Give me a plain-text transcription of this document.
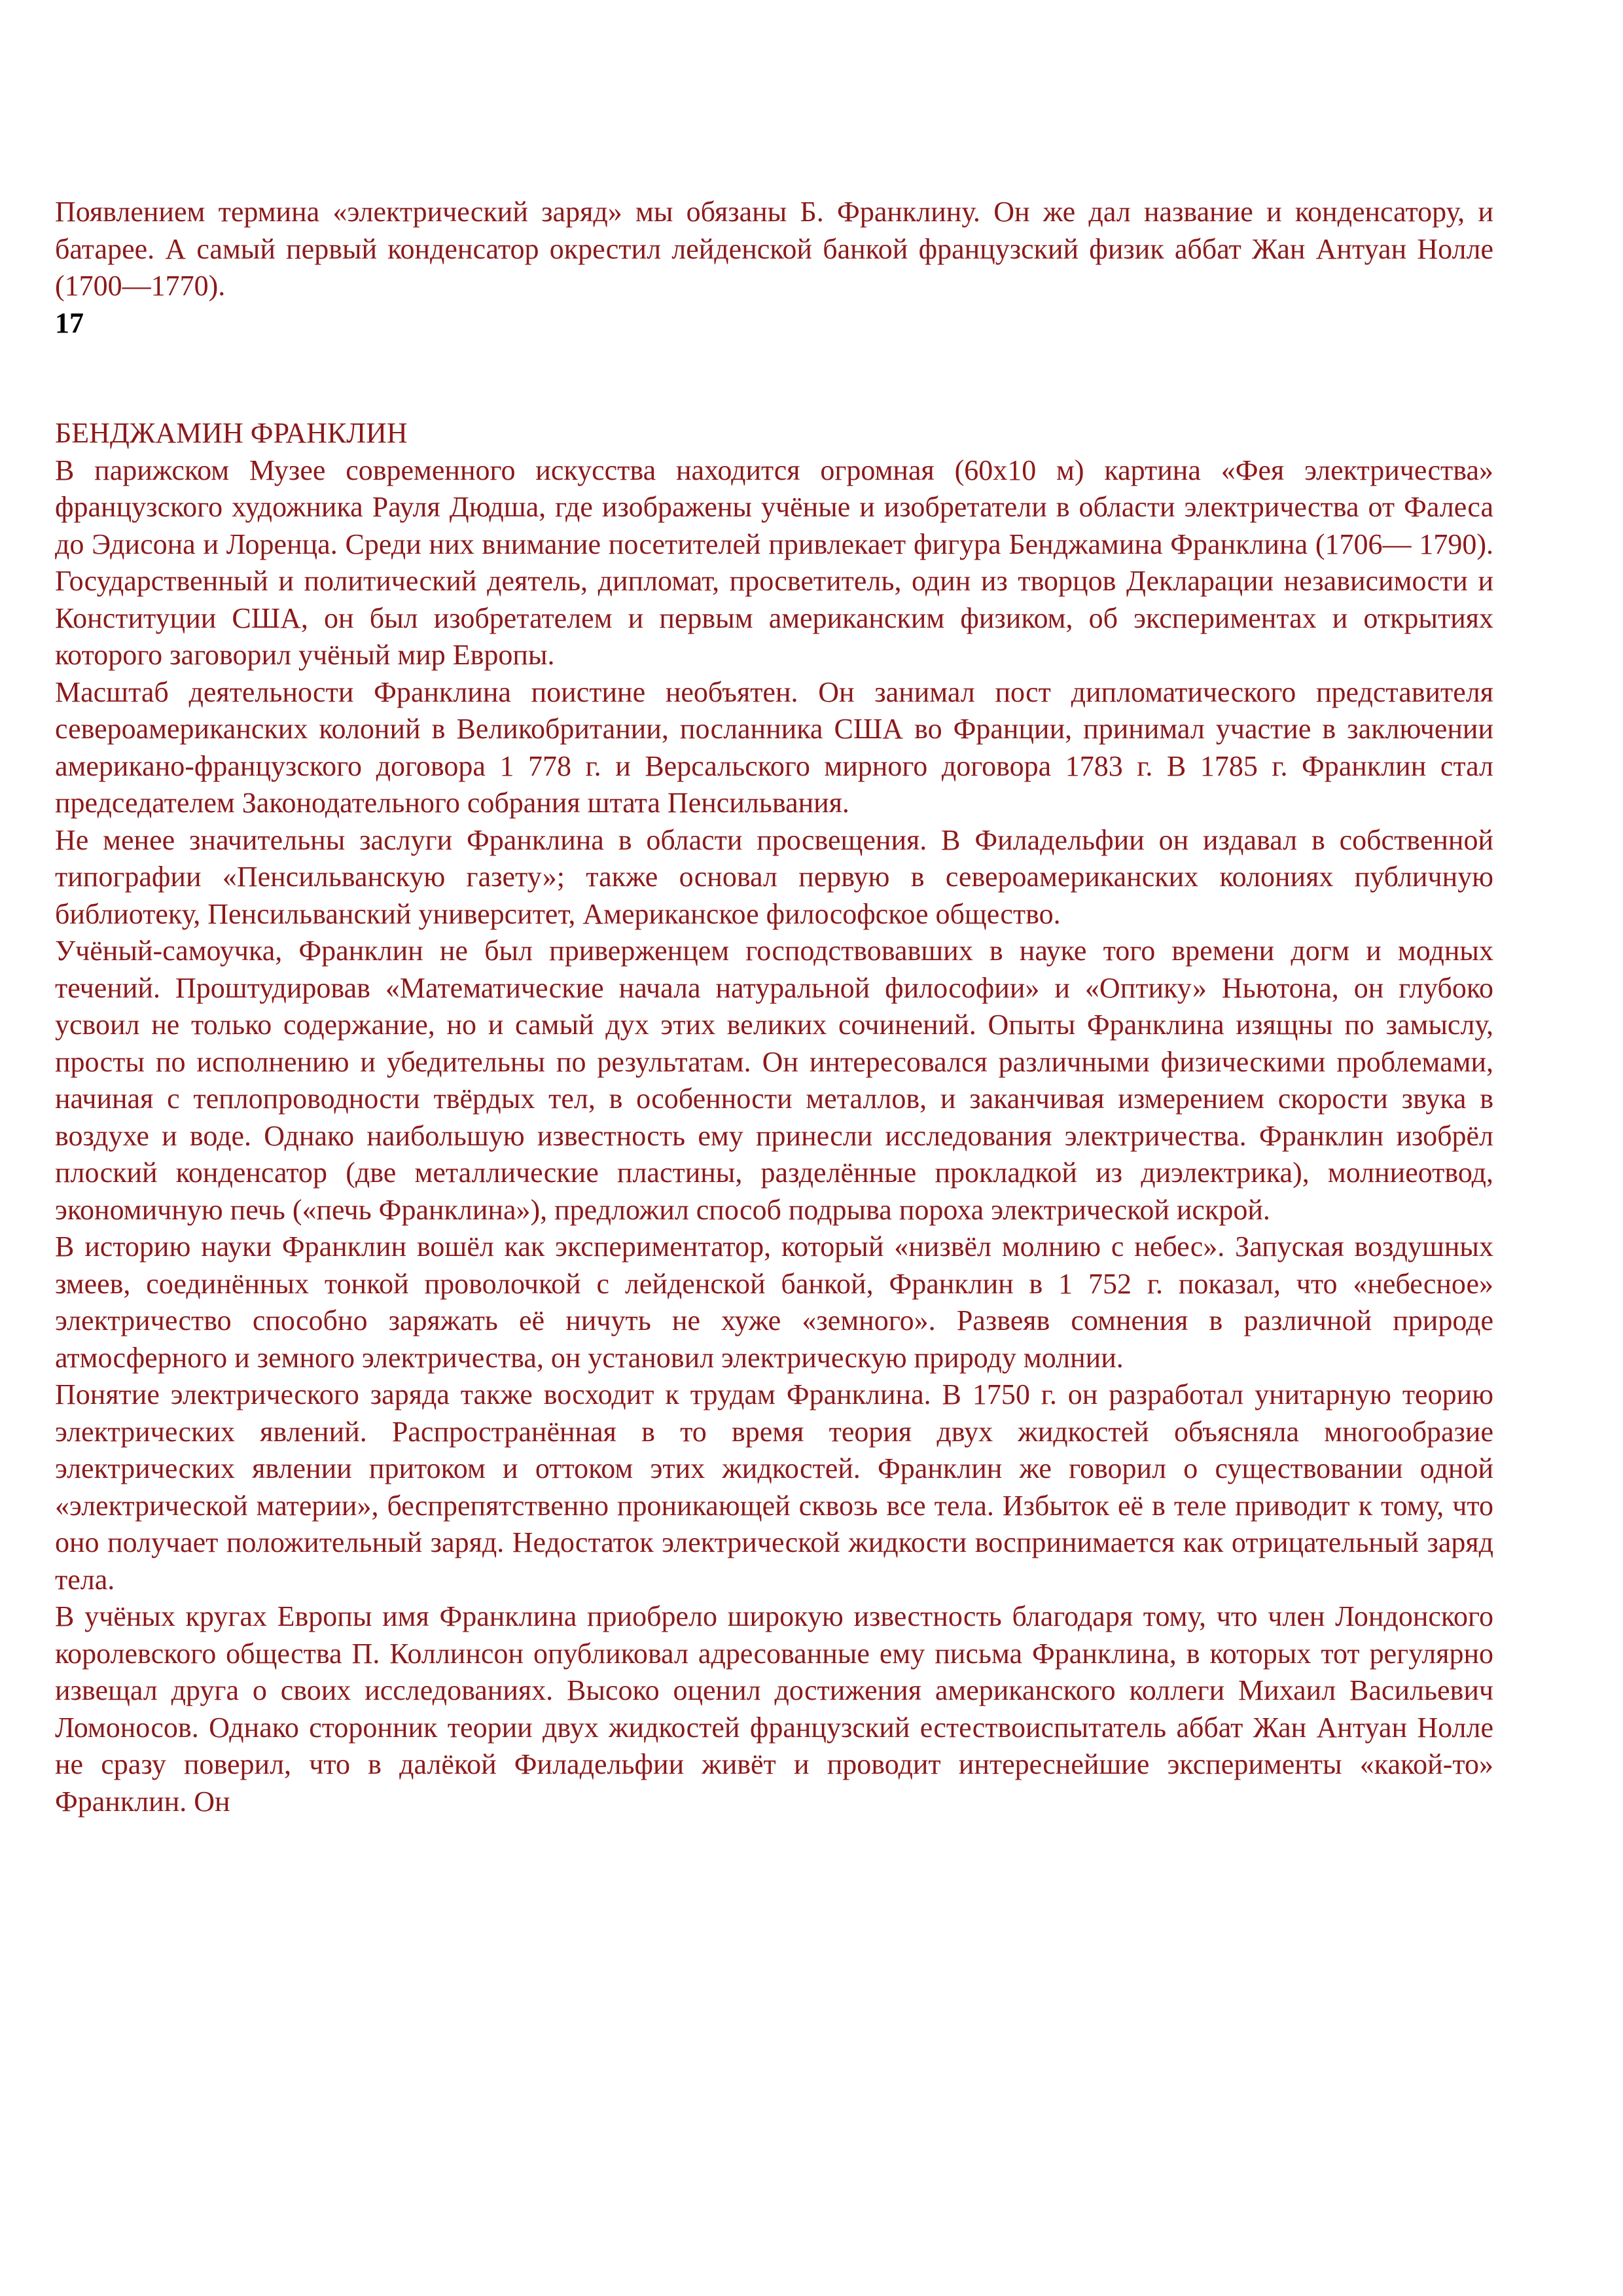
Появлением термина «электрический заряд» мы обязаны Б. Франклину. Он же дал название и конденсатору, и батарее. А самый первый конденсатор окрестил лейденской банкой французский физик аббат Жан Антуан Нолле (1700—1770).

17

БЕНДЖАМИН ФРАНКЛИН

В парижском Музее современного искусства находится огромная (60x10 м) картина «Фея электричества» французского художника Рауля Дюдша, где изображены учёные и изобретатели в области электричества от Фалеса до Эдисона и Лоренца. Среди них внимание посетителей привлекает фигура Бенджамина Франклина (1706— 1790). Государственный и политический деятель, дипломат, просветитель, один из творцов Декларации независимости и Конституции США, он был изобретателем и первым американским физиком, об экспериментах и открытиях которого заговорил учёный мир Европы.

Масштаб деятельности Франклина поистине необъятен. Он занимал пост дипломатического представителя североамериканских колоний в Великобритании, посланника США во Франции, принимал участие в заключении американо-французского договора 1 778 г. и Версальского мирного договора 1783 г. В 1785 г. Франклин стал председателем Законодательного собрания штата Пенсильвания.

Не менее значительны заслуги Франклина в области просвещения. В Филадельфии он издавал в собственной типографии «Пенсильванскую газету»; также основал первую в североамериканских колониях публичную библиотеку, Пенсильванский университет, Американское философское общество.

Учёный-самоучка, Франклин не был приверженцем господствовавших в науке того времени догм и модных течений. Проштудировав «Математические начала натуральной философии» и «Оптику» Ньютона, он глубоко усвоил не только содержание, но и самый дух этих великих сочинений. Опыты Франклина изящны по замыслу, просты по исполнению и убедительны по результатам. Он интересовался различными физическими проблемами, начиная с теплопроводности твёрдых тел, в особенности металлов, и заканчивая измерением скорости звука в воздухе и воде. Однако наибольшую известность ему принесли исследования электричества. Франклин изобрёл плоский конденсатор (две металлические пластины, разделённые прокладкой из диэлектрика), молниеотвод, экономичную печь («печь Франклина»), предложил способ подрыва пороха электрической искрой.

В историю науки Франклин вошёл как экспериментатор, который «низвёл молнию с небес». Запуская воздушных змеев, соединённых тонкой проволочкой с лейденской банкой, Франклин в 1 752 г. показал, что «небесное» электричество способно заряжать её ничуть не хуже «земного». Развеяв сомнения в различной природе атмосферного и земного электричества, он установил электрическую природу молнии.

Понятие электрического заряда также восходит к трудам Франклина. В 1750 г. он разработал унитарную теорию электрических явлений. Распространённая в то время теория двух жидкостей объясняла многообразие электрических явлении притоком и оттоком этих жидкостей. Франклин же говорил о существовании одной «электрической материи», беспрепятственно проникающей сквозь все тела. Избыток её в теле приводит к тому, что оно получает положительный заряд. Недостаток электрической жидкости воспринимается как отрицательный заряд тела.

В учёных кругах Европы имя Франклина приобрело широкую известность благодаря тому, что член Лондонского королевского общества П. Коллинсон опубликовал адресованные ему письма Франклина, в которых тот регулярно извещал друга о своих исследованиях. Высоко оценил достижения американского коллеги Михаил Васильевич Ломоносов. Однако сторонник теории двух жидкостей французский естествоиспытатель аббат Жан Антуан Нолле не сразу поверил, что в далёкой Филадельфии живёт и проводит интереснейшие эксперименты «какой-то» Франклин. Он
